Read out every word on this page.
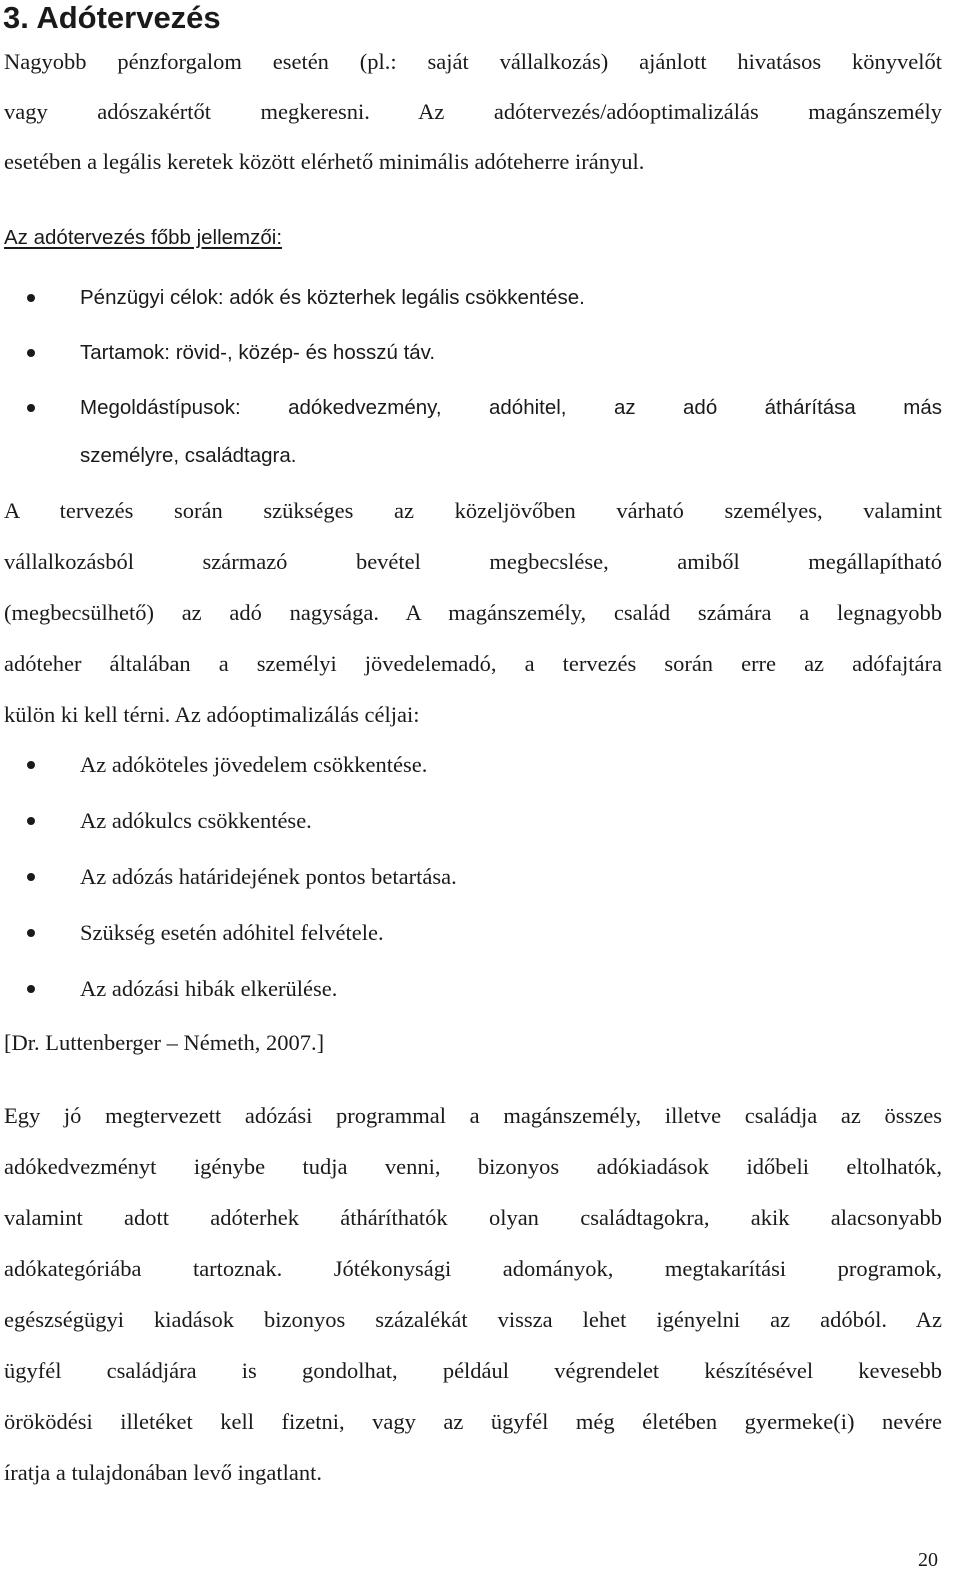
3. Adótervezés

Nagyobb pénzforgalom esetén (pl.: saját vállalkozás) ajánlott hivatásos könyvelőt

vagy adószakértőt megkeresni. Az adótervezés/adóoptimalizálás magánszemély

esetében a legális keretek között elérhető minimális adóteherre irányul.

Az adótervezés főbb jellemzői:

Pénzügyi célok: adók és közterhek legális csökkentése.
Tartamok: rövid-, közép- és hosszú táv.
Megoldástípusok: adókedvezmény, adóhitel, az adó áthárítása más
személyre, családtagra.

A tervezés során szükséges az közeljövőben várható személyes, valamint

vállalkozásból származó bevétel megbecslése, amiből megállapítható

(megbecsülhető) az adó nagysága. A magánszemély, család számára a legnagyobb

adóteher általában a személyi jövedelemadó, a tervezés során erre az adófajtára

külön ki kell térni. Az adóoptimalizálás céljai:

Az adóköteles jövedelem csökkentése.
Az adókulcs csökkentése.
Az adózás határidejének pontos betartása.
Szükség esetén adóhitel felvétele.
Az adózási hibák elkerülése.

[Dr. Luttenberger – Németh, 2007.]

Egy jó megtervezett adózási programmal a magánszemély, illetve családja az összes

adókedvezményt igénybe tudja venni, bizonyos adókiadások időbeli eltolhatók,

valamint adott adóterhek átháríthatók olyan családtagokra, akik alacsonyabb

adókategóriába tartoznak. Jótékonysági adományok, megtakarítási programok,

egészségügyi kiadások bizonyos százalékát vissza lehet igényelni az adóból. Az

ügyfél családjára is gondolhat, például végrendelet készítésével kevesebb

öröködési illetéket kell fizetni, vagy az ügyfél még életében gyermeke(i) nevére

íratja a tulajdonában levő ingatlant.

20
